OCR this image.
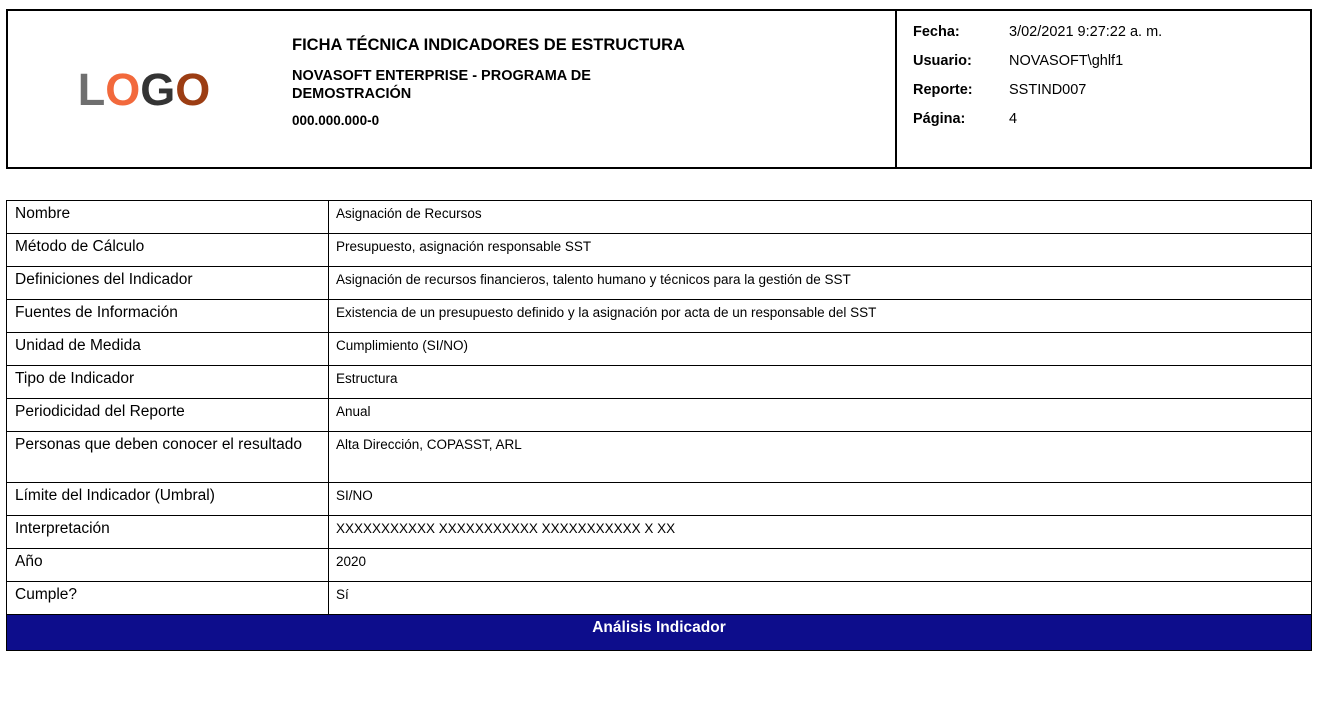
LOGO
FICHA TÉCNICA INDICADORES DE ESTRUCTURA
NOVASOFT ENTERPRISE - PROGRAMA DE DEMOSTRACIÓN
000.000.000-0
Fecha:	3/02/2021 9:27:22 a. m.
Usuario:	NOVASOFT\ghlf1
Reporte:	SSTIND007
Página:	4
Nombre	Asignación de Recursos
Método de Cálculo	Presupuesto, asignación responsable SST
Definiciones del Indicador	Asignación de recursos financieros, talento humano y técnicos para la gestión de SST
Fuentes de Información	Existencia de un presupuesto definido y la asignación por acta de un responsable del SST
Unidad de Medida	Cumplimiento (SI/NO)
Tipo de Indicador	Estructura
Periodicidad del Reporte	Anual
Personas que deben conocer el resultado	Alta Dirección, COPASST, ARL
Límite del Indicador (Umbral)	SI/NO
Interpretación	XXXXXXXXXXX XXXXXXXXXXX XXXXXXXXXXX X XX
Año	2020
Cumple?	Sí
Análisis Indicador	
